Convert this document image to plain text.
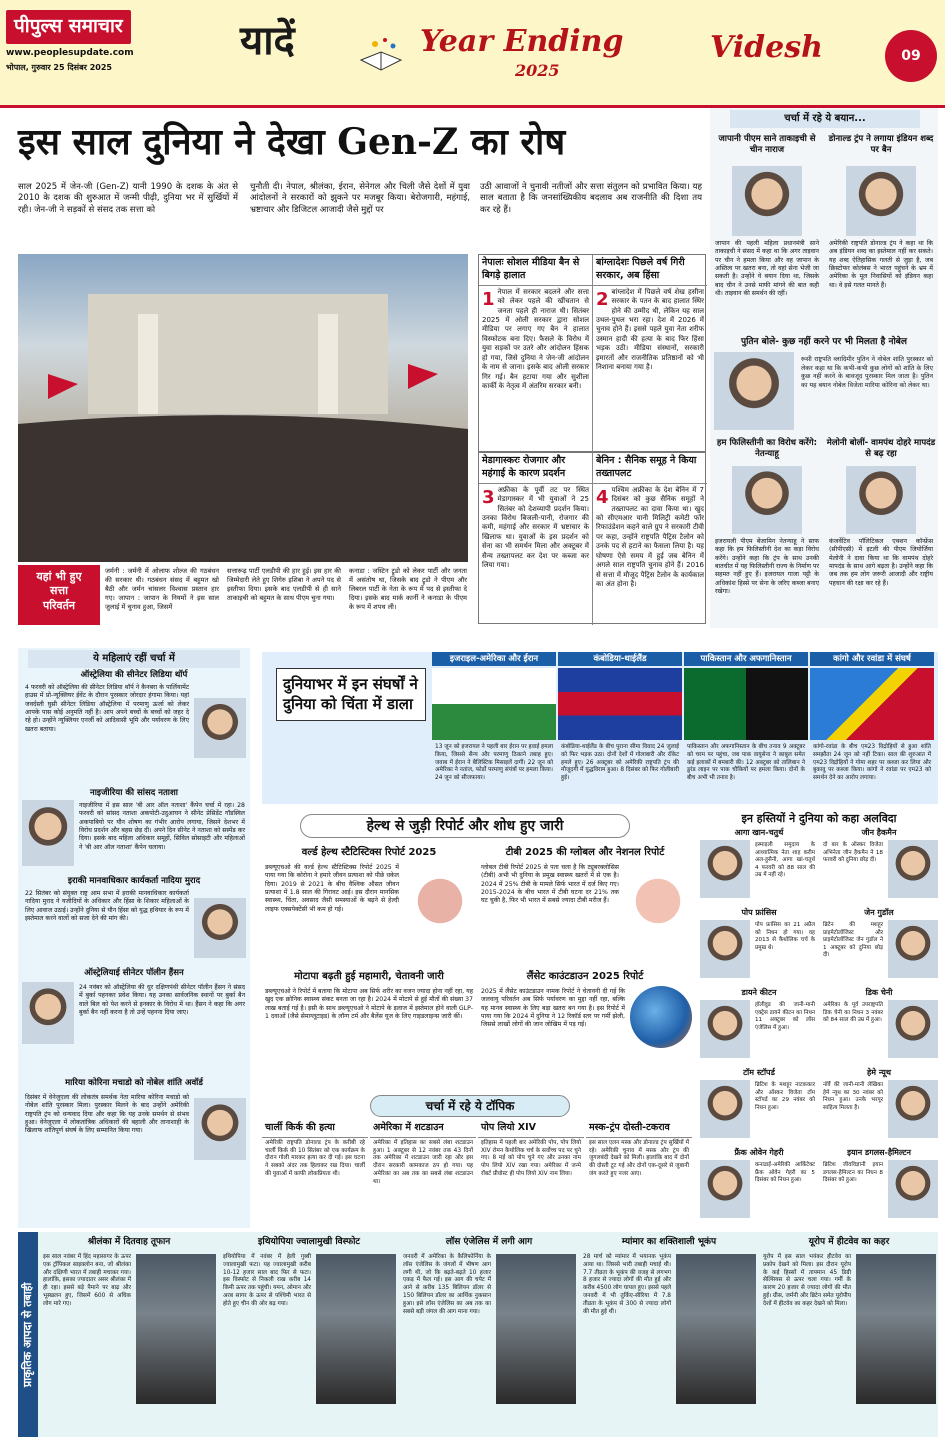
पीपुल्स समाचार
www.peoplesupdate.com
भोपाल, गुरुवार 25 दिसंबर 2025
यादें	Year Ending
2025
Videsh	09
इस साल दुनिया ने देखा Gen-Z का रोष
साल 2025 में जेन-जी (Gen-Z) यानी 1990 के दशक के अंत से 2010 के दशक की शुरुआत में जन्मी पीढ़ी, दुनिया भर में सुर्खियों में रही। जेन-जी ने सड़कों से संसद तक सत्ता को
चुनौती दी। नेपाल, श्रीलंका, ईरान, सेनेगल और चिली जैसे देशों में युवा आंदोलनों ने सरकारों को झुकने पर मजबूर किया। बेरोजगारी, महंगाई, भ्रष्टाचार और डिजिटल आजादी जैसे मुद्दों पर
उठी आवाजों ने चुनावी नतीजों और सत्ता संतुलन को प्रभावित किया। यह साल बताता है कि जनसांख्यिकीय बदलाव अब राजनीति की दिशा तय कर रहे हैं।
नेपालः सोशल मीडिया बैन से बिगड़े हालात
1 नेपाल में सरकार बदलने और सत्ता को लेकर पहले की खींचतान से जनता पहले ही नाराज थी। सितंबर 2025 में ओली सरकार द्वारा सोशल मीडिया पर लगाए गए बैन ने हालात विस्फोटक बना दिए। फैसले के विरोध में युवा सड़कों पर उतरे और आंदोलन हिंसक हो गया, जिसे दुनिया ने जेन-जी आंदोलन के नाम से जाना। इसके बाद ओली सरकार गिर गई। बैन हटाया गया और सुशीला कार्की के नेतृत्व में अंतरिम सरकार बनी।
बांग्लादेशः पिछले वर्ष गिरी सरकार, अब हिंसा
2 बांग्लादेश में पिछले वर्ष शेख हसीना सरकार के पतन के बाद हालात स्थिर होने की उम्मीद थी, लेकिन यह साल उथल-पुथल भरा रहा। देश में 2026 में चुनाव होने हैं। इससे पहले युवा नेता शरीफ उस्मान हादी की हत्या के बाद फिर हिंसा भड़क उठी। मीडिया संस्थानों, सरकारी इमारतों और राजनीतिक प्रतिष्ठानों को भी निशाना बनाया गया है।
मेडागास्करः रोजगार और महंगाई के कारण प्रदर्शन
3 अफ्रीका के पूर्वी तट पर स्थित मेडागास्कर में भी युवाओं ने 25 सितंबर को देशव्यापी प्रदर्शन किया। उनका विरोध बिजली-पानी, रोजगार की कमी, महंगाई और सरकार में भ्रष्टाचार के खिलाफ था। युवाओं के इस प्रदर्शन को सेना का भी समर्थन मिला और अक्टूबर में सैन्य तख्तापलट कर देश पर कब्जा कर लिया गया।
बेनिन : सैनिक समूह ने किया तख्तापलट
4 पश्चिम अफ्रीका के देश बेनिन में 7 दिसंबर को कुछ सैनिक समूहों ने तख्तापलट का दावा किया था। खुद को सीएमआर यानी मिलिट्री कमेटी फॉर रिफाउंडेशन कहने वाले ग्रुप ने सरकारी टीवी पर कहा, उन्होंने राष्ट्रपति पैट्रिस टैलोन को उनके पद से हटाने का फैसला लिया है। यह घोषणा ऐसे समय में हुई जब बेनिन में अगले साल राष्ट्रपति चुनाव होने हैं। 2016 से सत्ता में मौजूद पैट्रिस टैलोन के कार्यकाल का अंत होना है।
यहां भी हुए
सत्ता
परिवर्तन
जर्मनी : जर्मनी में ओलाफ शोल्ज की गठबंधन की सरकार थी। गठबंधन संसद में बहुमत खो बैठी और जर्मन चांसलर विश्वास प्रस्ताव हार गए। जापान : जापान के नियमों ने इस साल जुलाई में चुनाव हुआ, जिसमें
सत्तारूढ़ पार्टी एलडीपी की हार हुई। इस हार की जिम्मेदारी लेते हुए शिगेरु इशिबा ने अपने पद से इस्तीफा दिया। इसके बाद एलडीपी से ही साने ताकाइची को बहुमत के साथ पीएम चुना गया।
कनाडा : जस्टिन ट्रूडो को लेकर पार्टी और जनता में असंतोष था, जिसके बाद ट्रूडो ने पीएम और लिबरल पार्टी के नेता के रूप में पद से इस्तीफा दे दिया। इसके बाद मार्क कार्नी ने कनाडा के पीएम के रूप में शपथ ली।
चर्चा में रहे ये बयान...
जापानी पीएम साने ताकाइची से चीन नाराज
डोनाल्ड ट्रंप ने लगाया इंडियन शब्द पर बैन
जापान की पहली महिला प्रधानमंत्री साने ताकाइची ने संसद में कहा था कि अगर ताइवान पर चीन ने हमला किया और वह जापान के अस्तित्व पर खतरा बना, तो वहां सेना भेजी जा सकती है। उन्होंने ये बयान दिया था, जिसके बाद चीन ने उनसे माफी मांगने की बात कही थी। ताइवान की समर्थन की रहीं।
अमेरिकी राष्ट्रपति डोनाल्ड ट्रंप ने कहा था कि अब इंडियन शब्द का इस्तेमाल नहीं कर सकते। यह शब्द ऐतिहासिक गलती से जुड़ा है, जब क्रिस्टोफर कोलंबस ने भारत पहुंचने के भ्रम में अमेरिका के मूल निवासियों को इंडियन कहा था। वे इसे गलत मानते हैं।
पुतिन बोले- कुछ नहीं करने पर भी मिलता है नोबेल
रूसी राष्ट्रपति व्लादिमीर पुतिन ने नोबेल शांति पुरस्कार को लेकर कहा था कि कभी-कभी कुछ लोगों को शांति के लिए कुछ नहीं करने के बावजूद पुरस्कार मिल जाता है। पुतिन का यह बयान नोबेल विजेता मारिया कोरिना को लेकर था।
हम फिलिस्तीनी का विरोध करेंगे: नेतन्याहू
मेलोनी बोलीं- वामपंथ दोहरे मापदंड से बढ़ रहा
इजरायली पीएम बेंजामिन नेतन्याहू ने साफ कहा कि हम फिलिस्तीनी देश का कड़ा विरोध करेंगे। उन्होंने कहा कि ट्रंप के साथ उनकी बातचीत में यह फिलिस्तीनी राज्य के निर्माण पर सहमत नहीं हुए हैं। इजरायल गाजा पट्टी के अधिकांश हिस्से पर सेना के जरिए कब्जा बनाए रखेगा।
कंजर्वेटिव पॉलिटिकल एक्शन कॉन्फ्रेंस (सीपीएसी) में इटली की पीएम जियोर्जिया मेलोनी ने दावा किया था कि वामपंथ दोहरे मापदंड के साथ आगे बढ़ता है। उन्होंने कहा कि जब तक हम लोग जरूरी आजादी और राष्ट्रीय पहचान की रक्षा कर रहे हैं।
ये महिलाएं रहीं चर्चा में
ऑस्ट्रेलिया की सीनेटर लिडिया थॉर्प
4 फरवरी को ऑस्ट्रेलिया की सीनेटर लिडिया थॉर्प ने कैनबरा के पार्लियामेंट हाउस में प्रो-न्यूक्लियर ईवेंट के दौरान पुरस्कार जोरदार हंगामा किया। यहां जवर्दस्ती घुसी सीनेटर लिडिया ऑस्ट्रेलिया में परमाणु ऊर्जा को लेकर आपके पास कोई अनुमति नहीं है। आप अपने बच्चों के बच्चों को जहर दे रहे हो। उन्होंने न्यूक्लियर एनर्जी को आदिवासी भूमि और पर्यावरण के लिए खतरा बताया।
नाइजीरिया की सांसद नताशा
नाइजीरिया में इस साल 'बी आर ऑल नताशा' कैंपेन चर्चा में रहा। 28 फरवरी को सांसद नताशा अकपोटी-उदुआघन ने सीनेट प्रेसिडेंट गॉडस्विल अकपाबियो पर यौन शोषण का गंभीर आरोप लगाया, जिसने देशभर में विरोध प्रदर्शन और बहस छेड़ दी। अपने दिन सीनेट ने नताशा को सस्पेंड कर दिया। इसके बाद महिला अधिकार समूहों, सिविल सोसाइटी और महिलाओं ने 'बी आर ऑल नताशा' कैंपेन चलाया।
इराकी मानवाधिकार कार्यकर्ता नादिया मुराद
22 सितंबर को संयुक्त राष्ट्र आम सभा में इराकी मानवाधिकार कार्यकर्ता नादिया मुराद ने यजीदियों के अधिकार और हिंसा के शिकार महिलाओं के लिए आवाज उठाई। उन्होंने दुनिया से यौन हिंसा को युद्ध हथियार के रूप में इस्तेमाल करने वालों को सजा देने की मांग की।
ऑस्ट्रेलियाई सीनेटर पॉलीन हैंसन
24 नवंबर को ऑस्ट्रेलिया की धुर दक्षिणपंथी सीनेटर पॉलीन हैंसन ने संसद में बुर्का पहनकर प्रवेश किया। यह उनका सार्वजनिक स्थानों पर बुर्का बैन वाले बिल को पेश करने से इनकार के विरोध में था। हैंसन ने कहा कि अगर बुर्का बैन नहीं करना है तो उन्हें पहनना दिया जाए।
मारिया कोरिना मचाडो को नोबेल शांति अवॉर्ड
दिसंबर में वेनेजुएला की लोकतंत्र समर्थक नेता मारिया कोरिना मचाडो को नोबेल शांति पुरस्कार मिला। पुरस्कार मिलने के बाद उन्होंने अमेरिकी राष्ट्रपति ट्रंप को धन्यवाद दिया और कहा कि यह उनके समर्थन से संभव हुआ। वेनेजुएला में लोकतांत्रिक अधिकारों की बहाली और तानाशाही के खिलाफ शांतिपूर्ण संघर्ष के लिए सम्मानित किया गया।
दुनियाभर में इन संघर्षों ने दुनिया को चिंता में डाला
इजराइल-अमेरिका और ईरान	कंबोडिया-थाईलैंड	पाकिस्तान और अफगानिस्तान	कांगो और रवांडा में संघर्ष
13 जून को इजरायल ने पहली बार ईरान पर हवाई हमला किया, जिससे सैन्य और परमाणु ठिकाने तबाह हुए। जवाब में ईरान ने बैलिस्टिक मिसाइलें दागीं। 22 जून को अमेरिका ने नतांज, फोर्डो परमाणु संयंत्रों पर हमला किया। 24 जून को सीजफायर।
कंबोडिया-थाईलैंड के बीच पुराना सीमा विवाद 24 जुलाई को फिर भड़क उठा। दोनों देशों में गोलाबारी और रॉकेट हमले हुए। 26 अक्टूबर को अमेरिकी राष्ट्रपति ट्रंप की मौजूदगी में युद्धविराम हुआ। 8 दिसंबर को फिर गोलीबारी हुई।
पाकिस्तान और अफगानिस्तान के बीच तनाव 9 अक्टूबर को चरम पर पहुंचा, जब पाक वायुसेना ने काबुल समेत कई इलाकों में बमबारी की। 12 अक्टूबर को तालिबान ने डुरंड लाइन पर पाक चौकियों पर हमला किया। दोनों के बीच अभी भी तनाव है।
कांगो-रवांडा के बीच एम23 विद्रोहियों से हुआ शांति समझौता 24 जून को नहीं टिका। साल की शुरुआत में एम23 विद्रोहियों ने गोमा शहर पर कब्जा कर लिया और बुकावु पर कब्जा किया। कांगो ने रवांडा पर एम23 को समर्थन देने का आरोप लगाया।
हेल्थ से जुड़ी रिपोर्ट और शोध हुए जारी
वर्ल्ड हेल्थ स्टैटिस्टिक्स रिपोर्ट 2025
डब्ल्यूएचओ की वर्ल्ड हेल्थ स्टैटिस्टिक्स रिपोर्ट 2025 में पाया गया कि कोरोना ने हमारे जीवन प्रत्याशा को पीछे धकेल दिया। 2019 से 2021 के बीच वैश्विक औसत जीवन प्रत्याशा में 1.8 साल की गिरावट आई। इस दौरान मानसिक स्वास्थ्य, चिंता, अवसाद जैसी समस्याओं के बढ़ने से हेल्दी लाइफ एक्सपेक्टेंसी भी कम हो गई।
टीबी 2025 की ग्लोबल और नेशनल रिपोर्ट
ग्लोबल टीबी रिपोर्ट 2025 से पता चला है कि ट्यूबरक्लोसिस (टीबी) अभी भी दुनिया के प्रमुख स्वास्थ्य खतरों में से एक है। 2024 में 25% टीबी के मामले सिर्फ भारत में दर्ज किए गए। 2015-2024 के बीच भारत में टीबी घटना दर 21% तक घट चुकी है, फिर भी भारत में सबसे ज्यादा टीबी मरीज हैं।
मोटापा बढ़ती हुई महामारी, चेतावनी जारी
डब्ल्यूएचओ ने रिपोर्ट में बताया कि मोटापा अब सिर्फ शरीर का वजन ज्यादा होना नहीं रहा, यह खुद एक क्रोनिक स्वास्थ्य संकट बनता जा रहा है। 2024 में मोटापे से हुई मौतों की संख्या 37 लाख बताई गई है। इसी के साथ डब्ल्यूएचओ ने मोटापे के इलाज में इस्तेमाल होने वाली GLP-1 दवाओं (जैसे सेमाग्लूटाइड) के लॉन्ग टर्म और बैलेंस यूज के लिए गाइडलाइन्स जारी कीं।
लैंसेट काउंटडाउन 2025 रिपोर्ट
2025 में लैंसेट काउंटडाउन नामक रिपोर्ट ने चेतावनी दी गई कि जलवायु परिवर्तन अब सिर्फ पर्यावरण का मुद्दा नहीं रहा, बल्कि यह मानव स्वास्थ्य के लिए बड़ा खतरा बन गया है। इस रिपोर्ट में पाया गया कि 2024 में दुनिया ने 12 रिकॉर्ड स्तर पर गर्मी झेली, जिससे लाखों लोगों की जान जोखिम में पड़ गई।
चर्चा में रहे ये टॉपिक
चार्ली किर्क की हत्या
अमेरिकी राष्ट्रपति डोनाल्ड ट्रंप के करीबी रहे चार्ली किर्क की 10 सितंबर को एक कार्यक्रम के दौरान गोली मारकर हत्या कर दी गई। इस घटना ने सबको अंदर तक हिलाकर रख दिया। चार्ली की युवाओं में काफी लोकप्रियता थी।
अमेरिका में शटडाउन
अमेरिका में इतिहास का सबसे लंबा शटडाउन हुआ। 1 अक्टूबर से 12 नवंबर तक 43 दिनों तक अमेरिका में शटडाउन जारी रहा और इस दौरान सरकारी कामकाज ठप हो गया। यह अमेरिका का अब तक का सबसे लंबा शटडाउन था।
पोप लियो XIV
इतिहास में पहली बार अमेरिकी पोप, पोप लियो XIV रोमन कैथोलिक चर्च के सर्वोच्च पद पर चुने गए। 8 मई को पोप चुने गए और उनका नाम पोप लियो XIV रखा गया। अमेरिका में जन्मे रॉबर्ट प्रीवोस्ट ही पोप लियो XIV नाम लिया।
मस्क-ट्रंप दोस्ती-टकराव
इस साल एलन मस्क और डोनाल्ड ट्रंप सुर्खियों में रहे। अमेरिकी चुनाव में मस्क और ट्रंप की जुगलबंदी देखने को मिली। हालांकि बाद में दोनों की दोस्ती टूट गई और दोनों एक-दूसरे से जुबानी जंग करते हुए नजर आए।
इन हस्तियों ने दुनिया को कहा अलविदा
आगा खान-चतुर्थ
इस्माइली समुदाय के आध्यात्मिक नेता शाह करीम अल-हुसैनी, आगा खां-चतुर्थ 4 फरवरी को 88 साल की उम्र में नहीं रहे।
जीन हैकमैन
दो बार के ऑस्कर विजेता अभिनेता जीन हैकमैन ने 18 फरवरी को दुनिया छोड़ दी।
पोप फ्रांसिस
पोप फ्रांसिस का 21 अप्रैल को निधन हो गया। वह 2013 से कैथोलिक चर्च के प्रमुख थे।
जेन गुडॉल
ब्रिटेन की मशहूर प्राइमेटोलॉजिस्ट और प्राइमेटोलॉजिस्ट जेन गुडॉल ने 1 अक्टूबर को दुनिया छोड़ दी।
डायने कीटन
हॉलीवुड की जानी-मानी एक्ट्रेस डायने कीटन का निधन 11 अक्टूबर को लॉस एंजेलिस में हुआ।
डिक चेनी
अमेरिका के पूर्व उपराष्ट्रपति डिक चेनी का निधन 3 नवंबर को 84 साल की उम्र में हुआ।
टॉम स्टॉपर्ड
ब्रिटिश के मशहूर नाटककार और ऑस्कर विजेता टॉम स्टॉपर्ड का 29 नवंबर को निधन हुआ।
हेमे न्यूथ
नॉर्वे की जानी-मानी लेखिका हेमे न्यूथ का 30 नवंबर को निधन हुआ। उनके भरपूर साहित्य मिलता है।
फ्रैंक ओवेन गेहरी
कनाडाई-अमेरिकी आर्किटेक्ट फ्रैंक ओवेन गेहरी का 5 दिसंबर को निधन हुआ।
इयान डगलस-हैमिल्टन
ब्रिटिश जीवविज्ञानी इयान डगलस-हैमिल्टन का निधन 8 दिसंबर को हुआ।
प्राकृतिक आपदा से तबाही
श्रीलंका में दितवाह तूफान
इस साल नवंबर में हिंद महासागर के ऊपर एक ट्रॉपिकल साइक्लोन बना, जो श्रीलंका और दक्षिणी भारत में तबाही मचाकर गया। हालांकि, इसका ज्यादातर असर श्रीलंका में ही रहा। इससे बड़े पैमाने पर बाढ़ और भूस्खलन हुए, जिसमें 600 से अधिक लोग मारे गए।
इथियोपिया ज्वालामुखी विस्फोट
इथियोपिया में नवंबर में हेली गुब्बी ज्वालामुखी फटा। यह ज्वालामुखी करीब 10-12 हजार साल बाद फिर से फटा। इस विस्फोट से निकली राख करीब 14 किमी ऊपर तक पहुंची। यमन, ओमान और अरब सागर के ऊपर से पश्चिमी भारत से होते हुए चीन की ओर बढ़ गया।
लॉस एंजेलिस में लगी आग
जनवरी में अमेरिका के कैलिफोर्निया के लॉस एंजेलिस के जंगलों में भीषण आग लगी थी, जो कि बढ़ते-बढ़ते 10 हजार एकड़ में फैल गई। इस आग की चपेट में आने से करीब 135 बिलियन डॉलर से 150 बिलियन डॉलर का आर्थिक नुकसान हुआ। इसे लॉस एंजेलिस का अब तक का सबसे बड़ी जंगल की आग माना गया।
म्यांमार का शक्तिशाली भूकंप
28 मार्च को म्यांमार में भयानक भूकंप आया था। जिससे भारी तबाही मचाई थी। 7.7 तीव्रता के भूकंप की वजह से लगभग 8 हजार से ज्यादा लोगों की मौत हुई और करीब 4500 लोग घायल हुए। इससे पहले जनवरी में भी तुर्किए-सीरिया में 7.8 तीव्रता के भूकंप से 300 से ज्यादा लोगों की मौत हुई थी।
यूरोप में हीटवेव का कहर
यूरोप में इस साल भयंकर हीटवेव का प्रकोप देखने को मिला। इस दौरान यूरोप के कई हिस्सों में तापमान 45 डिग्री सेल्सियस से ऊपर चला गया। गर्मी के कारण 20 हजार से ज्यादा लोगों की मौत हुई। ग्रीस, जर्मनी और ब्रिटेन समेत यूरोपीय देशों में हीटवेव का कहर देखने को मिला।
